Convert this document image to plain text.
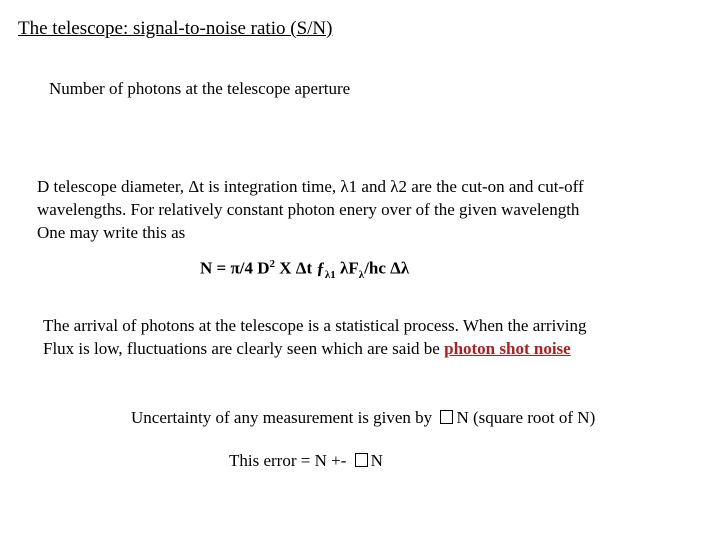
The telescope: signal-to-noise ratio (S/N)
Number of photons at the telescope aperture
D telescope diameter, Δt is integration time, λ1 and λ2 are the cut-on and cut-off
wavelengths. For relatively constant photon enery over of the given wavelength
One may write this as
N = π/4 $D^2$ X Δt $ƒ_{\lambda 1}$ $\lambda F_\lambda/hc$ Δλ
The arrival of photons at the telescope is a statistical process. When the arriving
Flux is low, fluctuations are clearly seen which are said be photon shot noise
Uncertainty of any measurement is given by N (square root of N)
This error = N +- N
